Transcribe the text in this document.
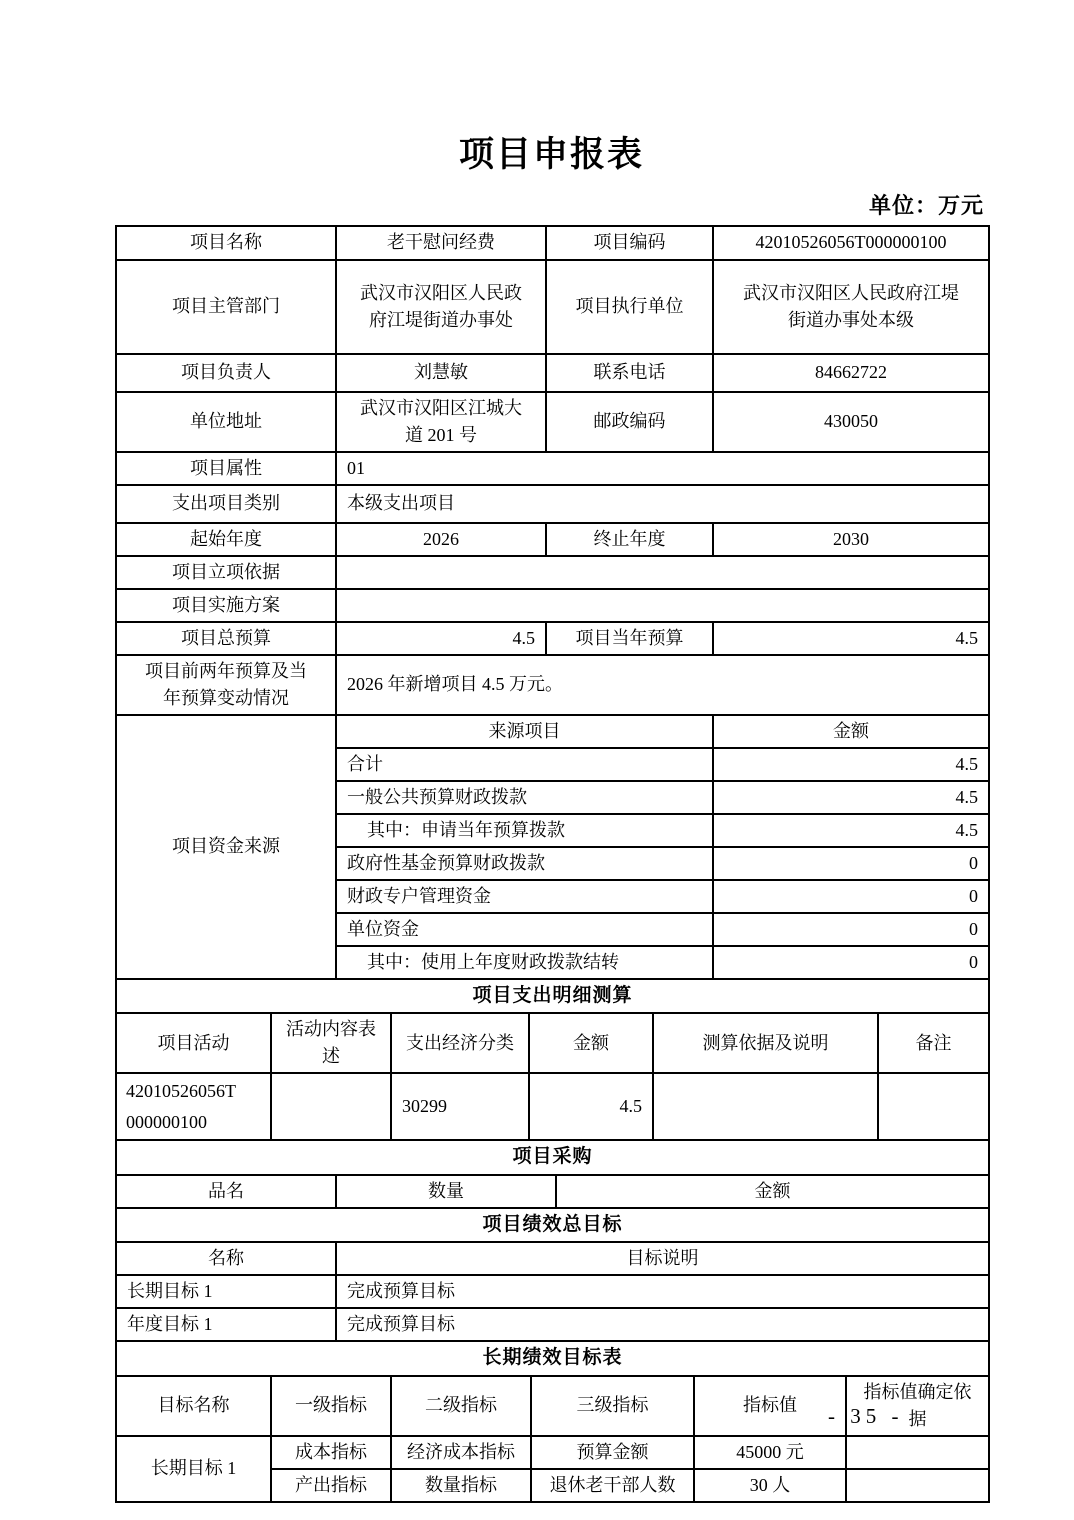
项目申报表
单位：万元
项目名称	老干慰问经费	项目编码	42010526056T000000100
项目主管部门	武汉市汉阳区人民政府江堤街道办事处	项目执行单位	武汉市汉阳区人民政府江堤街道办事处本级
项目负责人	刘慧敏	联系电话	84662722
单位地址	武汉市汉阳区江城大道 201 号	邮政编码	430050
项目属性	01		
支出项目类别	本级支出项目		
起始年度	2026	终止年度	2030
项目立项依据			
项目实施方案			
项目总预算	4.5	项目当年预算	4.5
项目前两年预算及当年预算变动情况	2026 年新增项目 4.5 万元。		
项目资金来源	来源项目	金额
	合计	4.5
	一般公共预算财政拨款	4.5
	其中：申请当年预算拨款	4.5
	政府性基金预算财政拨款	0
	财政专户管理资金	0
	单位资金	0
	其中：使用上年度财政拨款结转	0
项目支出明细测算					
项目活动	活动内容表述	支出经济分类	金额	测算依据及说明	备注
42010526056T000000100		30299	4.5		
项目采购
品名	数量	金额
项目绩效总目标	
名称	目标说明
长期目标 1	完成预算目标
年度目标 1	完成预算目标
长期绩效目标表					
目标名称	一级指标	二级指标	三级指标	指标值	指标值确定依据
长期目标 1	成本指标	经济成本指标	预算金额	45000 元	
	产出指标	数量指标	退休老干部人数	30 人	
- 35 -
